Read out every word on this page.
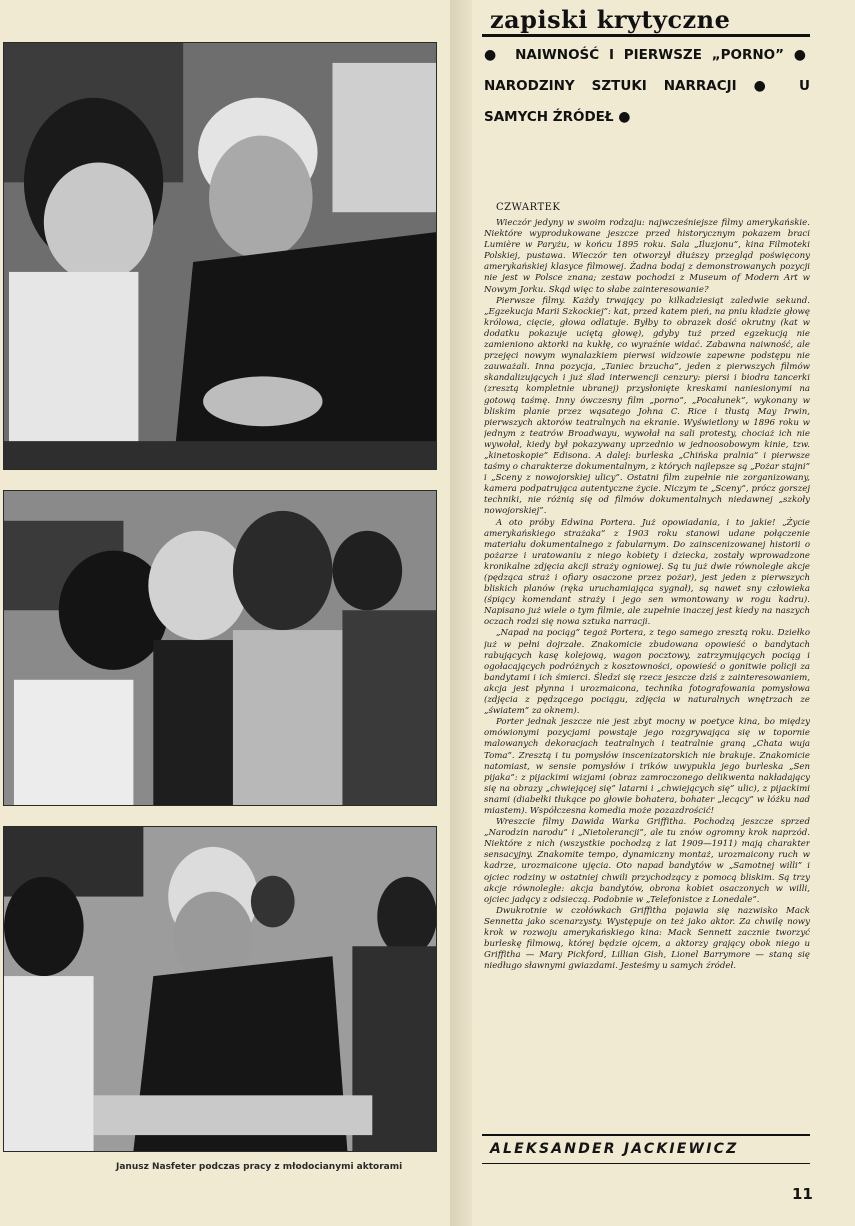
Janusz Nasfeter podczas pracy z młodocianymi aktorami
zapiski krytyczne
● NAIWNOŚĆ I PIERWSZE „PORNO” ● NARODZINY SZTUKI NARRACJI ● U SAMYCH ŹRÓDEŁ ●
CZWARTEK

Wieczór jedyny w swoim rodzaju: najwcześniejsze filmy amerykańskie. Niektóre wyprodukowane jeszcze przed historycznym pokazem braci Lumière w Paryżu, w końcu 1895 roku. Sala „Iluzjonu”, kina Filmoteki Polskiej, pustawa. Wieczór ten otworzył dłuższy przegląd poświęcony amerykańskiej klasyce filmowej. Żadna bodaj z demonstrowanych pozycji nie jest w Polsce znana; zestaw pochodzi z Museum of Modern Art w Nowym Jorku. Skąd więc to słabe zainteresowanie?

Pierwsze filmy. Każdy trwający po kilkadziesiąt zaledwie sekund. „Egzekucja Marii Szkockiej”: kat, przed katem pień, na pniu kładzie głowę królowa, cięcie, głowa odlatuje. Byłby to obrazek dość okrutny (kat w dodatku pokazuje uciętą głowę), gdyby tuż przed egzekucją nie zamieniono aktorki na kukłę, co wyraźnie widać. Zabawna naiwność, ale przejęci nowym wynalazkiem pierwsi widzowie zapewne podstępu nie zauważali. Inna pozycja, „Taniec brzucha”, jeden z pierwszych filmów skandalizujących i już ślad interwencji cenzury: piersi i biodra tancerki (zresztą kompletnie ubranej) przysłonięte kreskami naniesionymi na gotową taśmę. Inny ówczesny film „porno”, „Pocałunek”, wykonany w bliskim planie przez wąsatego Johna C. Rice i tłustą May Irwin, pierwszych aktorów teatralnych na ekranie. Wyświetlony w 1896 roku w jednym z teatrów Broadwayu, wywołał na sali protesty, chociaż ich nie wywołał, kiedy był pokazywany uprzednio w jednoosobowym kinie, tzw. „kinetoskopie” Edisona. A dalej: burleska „Chińska pralnia” i pierwsze taśmy o charakterze dokumentalnym, z których najlepsze są „Pożar stajni” i „Sceny z nowojorskiej ulicy”. Ostatni film zupełnie nie zorganizowany, kamera podpatrująca autentyczne życie. Niczym te „Sceny”, prócz gorszej techniki, nie różnią się od filmów dokumentalnych niedawnej „szkoły nowojorskiej”.

A oto próby Edwina Portera. Już opowiadania, i to jakie! „Życie amerykańskiego strażaka” z 1903 roku stanowi udane połączenie materiału dokumentalnego z fabularnym. Do zainscenizowanej historii o pożarze i uratowaniu z niego kobiety i dziecka, zostały wprowadzone kronikalne zdjęcia akcji straży ogniowej. Są tu już dwie równoległe akcje (pędząca straż i ofiary osaczone przez pożar), jest jeden z pierwszych bliskich planów (ręka uruchamiająca sygnał), są nawet sny człowieka (śpiący komendant straży i jego sen wmontowany w rogu kadru). Napisano już wiele o tym filmie, ale zupełnie inaczej jest kiedy na naszych oczach rodzi się nowa sztuka narracji.

„Napad na pociąg” tegoż Portera, z tego samego zresztą roku. Dziełko już w pełni dojrzałe. Znakomicie zbudowana opowieść o bandytach rabujących kasę kolejową, wagon pocztowy, zatrzymujących pociąg i ogołacających podróżnych z kosztowności, opowieść o gonitwie policji za bandytami i ich śmierci. Śledzi się rzecz jeszcze dziś z zainteresowaniem, akcja jest płynna i urozmaicona, technika fotografowania pomysłowa (zdjęcia z pędzącego pociągu, zdjęcia w naturalnych wnętrzach ze „światem” za oknem).

Porter jednak jeszcze nie jest zbyt mocny w poetyce kina, bo między omówionymi pozycjami powstaje jego rozgrywająca się w topornie malowanych dekoracjach teatralnych i teatralnie graną „Chata wuja Toma”. Zresztą i tu pomysłów inscenizatorskich nie brakuje. Znakomicie natomiast, w sensie pomysłów i trików uwypukla jego burleska „Sen pijaka”: z pijackimi wizjami (obraz zamroczonego delikwenta nakładający się na obrazy „chwiejącej się” latarni i „chwiejących się” ulic), z pijackimi snami (diabełki tłukące po głowie bohatera, bohater „lecący” w łóżku nad miastem). Współczesna komedia może pozazdrościć!

Wreszcie filmy Dawida Warka Griffitha. Pochodzą jeszcze sprzed „Narodzin narodu” i „Nietolerancji”, ale tu znów ogromny krok naprzód. Niektóre z nich (wszystkie pochodzą z lat 1909—1911) mają charakter sensacyjny. Znakomite tempo, dynamiczny montaż, urozmaicony ruch w kadrze, urozmaicone ujęcia. Oto napad bandytów w „Samotnej willi” i ojciec rodziny w ostatniej chwili przychodzący z pomocą bliskim. Są trzy akcje równoległe: akcja bandytów, obrona kobiet osaczonych w willi, ojciec jadący z odsieczą. Podobnie w „Telefonistce z Lonedale”.

Dwukrotnie w czołówkach Griffitha pojawia się nazwisko Mack Sennetta jako scenarzysty. Występuje on też jako aktor. Za chwilę nowy krok w rozwoju amerykańskiego kina: Mack Sennett zacznie tworzyć burleskę filmową, której będzie ojcem, a aktorzy grający obok niego u Griffitha — Mary Pickford, Lillian Gish, Lionel Barrymore — staną się niedługo sławnymi gwiazdami. Jesteśmy u samych źródeł.

ALEKSANDER JACKIEWICZ
11
